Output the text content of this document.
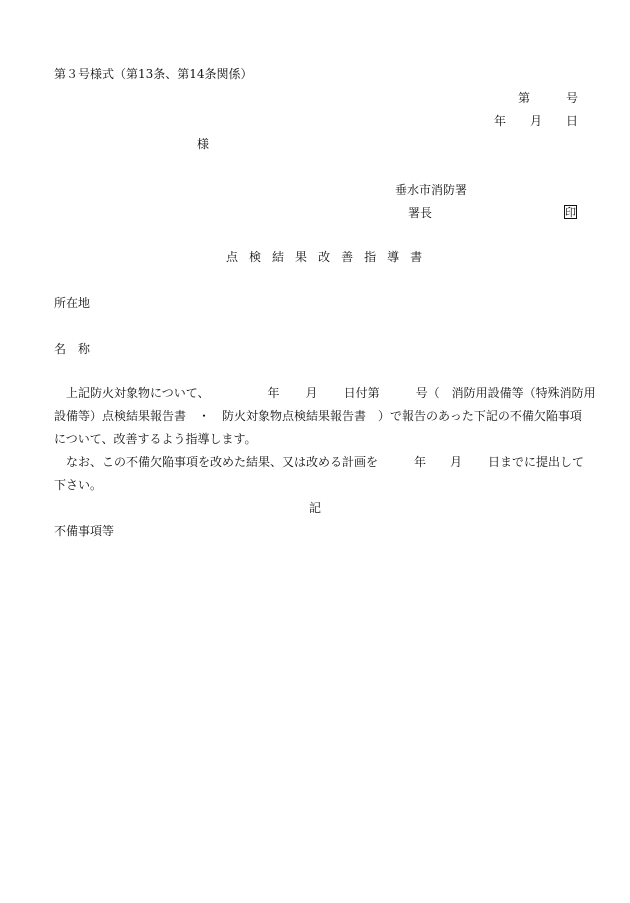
第３号様式（第13条、第14条関係）
第	号
年 月 日
様
垂水市消防署
署長	印
点 検 結 果 改 善 指 導 書
所在地
名　称
上記防火対象物について、	年 月 日付第	号（　消防用設備等（特殊消防用
設備等）点検結果報告書　・　防火対象物点検結果報告書　）で報告のあった下記の不備欠陥事項
について、改善するよう指導します。
なお、この不備欠陥事項を改めた結果、又は改める計画を	年 月 日までに提出して
下さい。
記
不備事項等
